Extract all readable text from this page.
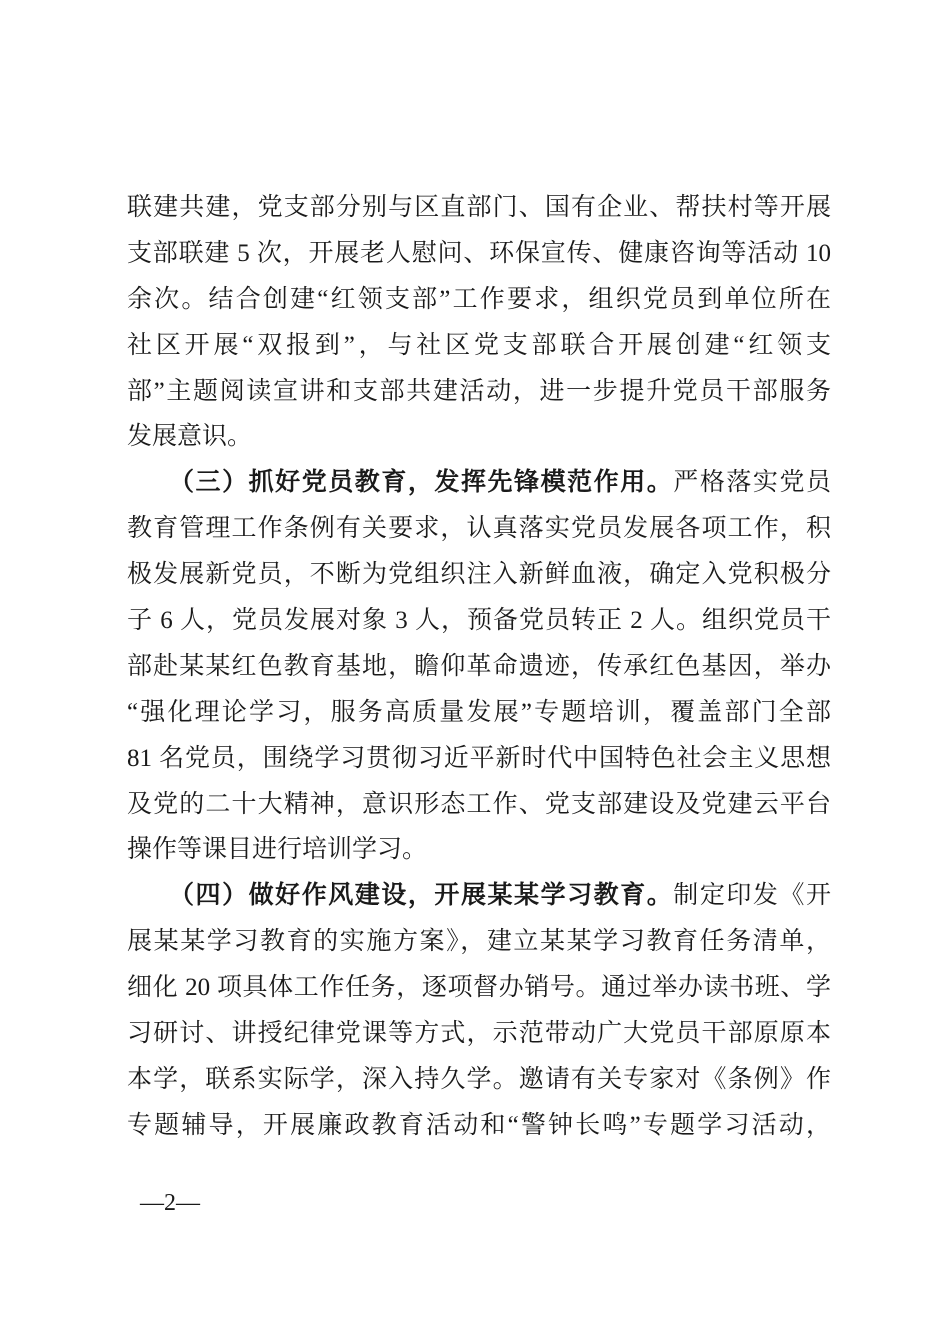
联建共建，党支部分别与区直部门、国有企业、帮扶村等开展
支部联建 5 次，开展老人慰问、环保宣传、健康咨询等活动 10
余次。结合创建“红领支部”工作要求，组织党员到单位所在
社区开展“双报到”，与社区党支部联合开展创建“红领支
部”主题阅读宣讲和支部共建活动，进一步提升党员干部服务
发展意识。
（三）抓好党员教育，发挥先锋模范作用。严格落实党员
教育管理工作条例有关要求，认真落实党员发展各项工作，积
极发展新党员，不断为党组织注入新鲜血液，确定入党积极分
子 6 人，党员发展对象 3 人，预备党员转正 2 人。组织党员干
部赴某某红色教育基地，瞻仰革命遗迹，传承红色基因，举办
“强化理论学习，服务高质量发展”专题培训，覆盖部门全部
81 名党员，围绕学习贯彻习近平新时代中国特色社会主义思想
及党的二十大精神，意识形态工作、党支部建设及党建云平台
操作等课目进行培训学习。
（四）做好作风建设，开展某某学习教育。制定印发《开
展某某学习教育的实施方案》，建立某某学习教育任务清单，
细化 20 项具体工作任务，逐项督办销号。通过举办读书班、学
习研讨、讲授纪律党课等方式，示范带动广大党员干部原原本
本学，联系实际学，深入持久学。邀请有关专家对《条例》作
专题辅导，开展廉政教育活动和“警钟长鸣”专题学习活动，
—2—
